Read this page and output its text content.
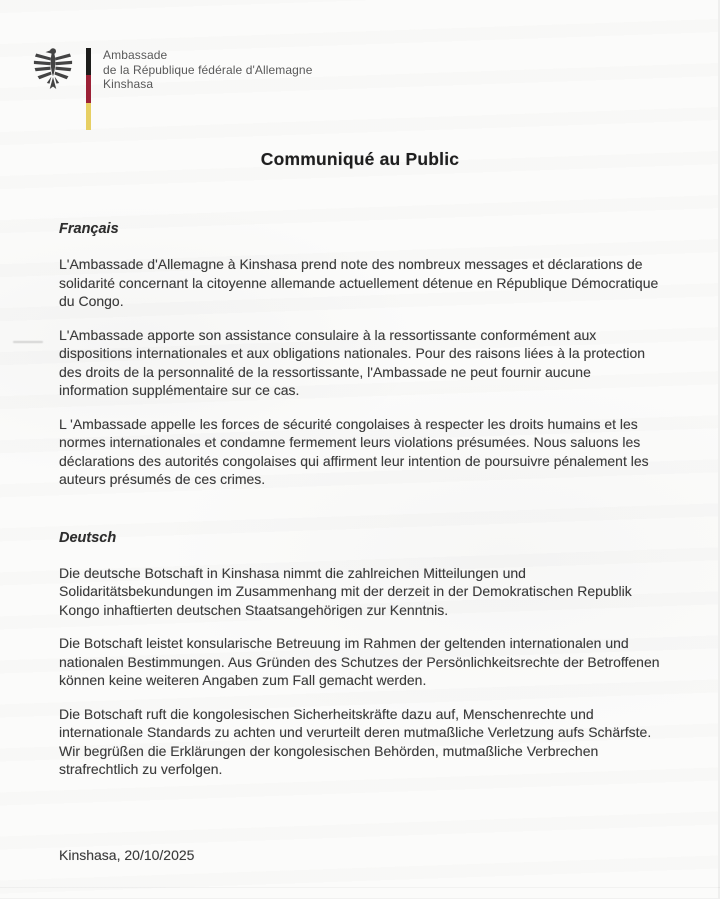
Ambassade
de la République fédérale d'Allemagne
Kinshasa
Communiqué au Public
Français

L'Ambassade d'Allemagne à Kinshasa prend note des nombreux messages et déclarations de solidarité concernant la citoyenne allemande actuellement détenue en République Démocratique du Congo.

L'Ambassade apporte son assistance consulaire à la ressortissante conformément aux dispositions internationales et aux obligations nationales. Pour des raisons liées à la protection des droits de la personnalité de la ressortissante, l'Ambassade ne peut fournir aucune information supplémentaire sur ce cas.

L 'Ambassade appelle les forces de sécurité congolaises à respecter les droits humains et les normes internationales et condamne fermement leurs violations présumées. Nous saluons les déclarations des autorités congolaises qui affirment leur intention de poursuivre pénalement les auteurs présumés de ces crimes.

Deutsch

Die deutsche Botschaft in Kinshasa nimmt die zahlreichen Mitteilungen und Solidaritätsbekundungen im Zusammenhang mit der derzeit in der Demokratischen Republik Kongo inhaftierten deutschen Staatsangehörigen zur Kenntnis.

Die Botschaft leistet konsularische Betreuung im Rahmen der geltenden internationalen und nationalen Bestimmungen. Aus Gründen des Schutzes der Persönlichkeitsrechte der Betroffenen können keine weiteren Angaben zum Fall gemacht werden.

Die Botschaft ruft die kongolesischen Sicherheitskräfte dazu auf, Menschenrechte und internationale Standards zu achten und verurteilt deren mutmaßliche Verletzung aufs Schärfste. Wir begrüßen die Erklärungen der kongolesischen Behörden, mutmaßliche Verbrechen strafrechtlich zu verfolgen.

Kinshasa, 20/10/2025
